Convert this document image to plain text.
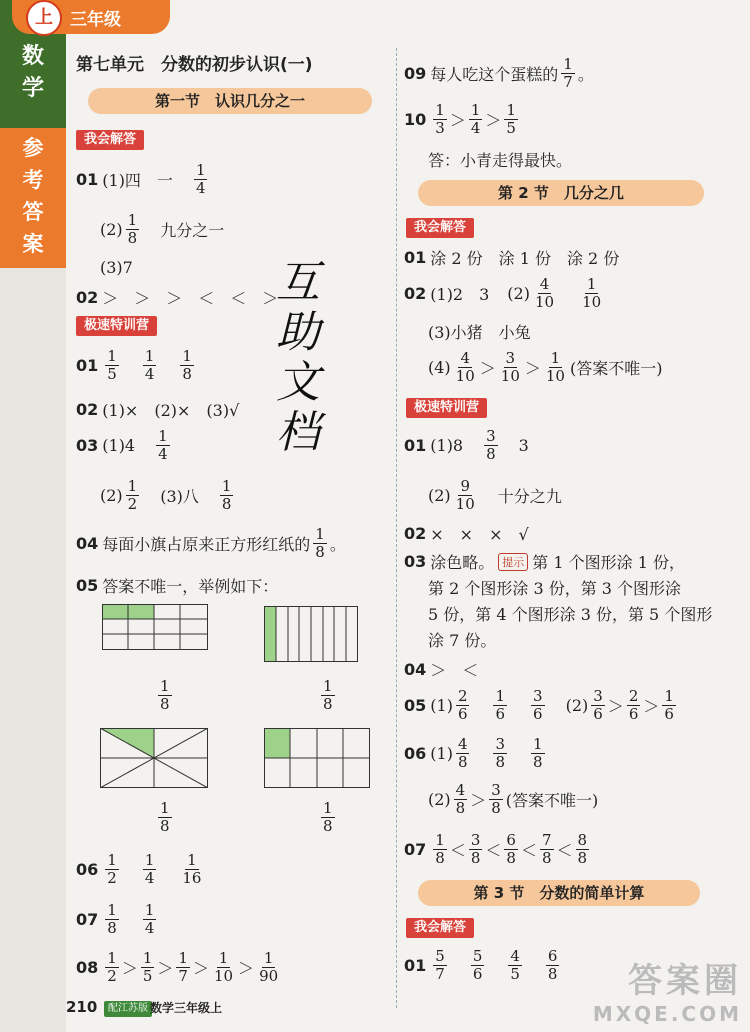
数
学
参
考
答
案
上	三年级
第七单元　分数的初步认识(一)
第一节　认识几分之一
我会解答
01 (1)四　一 $\frac{1}{4}$
$(2) \frac{1}{8}$ 九分之一
(3)7
02 ＞　＞　＞　＜　＜　＞
极速特训营
$01 \frac{1}{5} \frac{1}{4} \frac{1}{8}$
02 (1)×　(2)×　(3)√
03 $(1)4 \frac{1}{4}$
$(2) \frac{1}{2} (3)$八 $\frac{1}{8}$
04 每面小旗占原来正方形红纸的 $\frac{1}{8}$ 。
05 答案不唯一，举例如下：
$\frac{1}{8}$	$\frac{1}{8}$
$\frac{1}{8}$	$\frac{1}{8}$
$06 \frac{1}{2} \frac{1}{4} \frac{1}{16}$
$07 \frac{1}{8} \frac{1}{4}$
$08 \frac{1}{2} > \frac{1}{5} > \frac{1}{7} > \frac{1}{10} > \frac{1}{90}$
互
助
文
档
09 每人吃这个蛋糕的 $\frac{1}{7}$ 。
$10 \frac{1}{3} > \frac{1}{4} > \frac{1}{5}$
答：小青走得最快。
第 2 节　几分之几
我会解答
01 涂 2 份　涂 1 份　涂 2 份
02 (1)2　3 $(2) \frac{4}{10} \frac{1}{10}$
(3)小猪　小兔
$(4) \frac{4}{10} > \frac{3}{10} > \frac{1}{10}$ (答案不唯一)
极速特训营
01 $(1)8 \frac{3}{8} 3$
$(2) \frac{9}{10}$ 十分之九
02 ×　×　×　√
03 涂色略。 提示 第 1 个图形涂 1 份，
第 2 个图形涂 3 份，第 3 个图形涂
5 份，第 4 个图形涂 3 份，第 5 个图形
涂 7 份。
04 ＞　＜
05 $(1) \frac{2}{6} \frac{1}{6} \frac{3}{6} (2) \frac{3}{6} > \frac{2}{6} > \frac{1}{6}$
06 $(1) \frac{4}{8} \frac{3}{8} \frac{1}{8}$
$(2) \frac{4}{8} > \frac{3}{8}$ (答案不唯一)
$07 \frac{1}{8} < \frac{3}{8} < \frac{6}{8} < \frac{7}{8} < \frac{8}{8}$
第 3 节　分数的简单计算
我会解答
$01 \frac{5}{7} \frac{5}{6} \frac{4}{5} \frac{6}{8}$
210	配江苏版 数学三年级上
答案圈
MXQE.COM
